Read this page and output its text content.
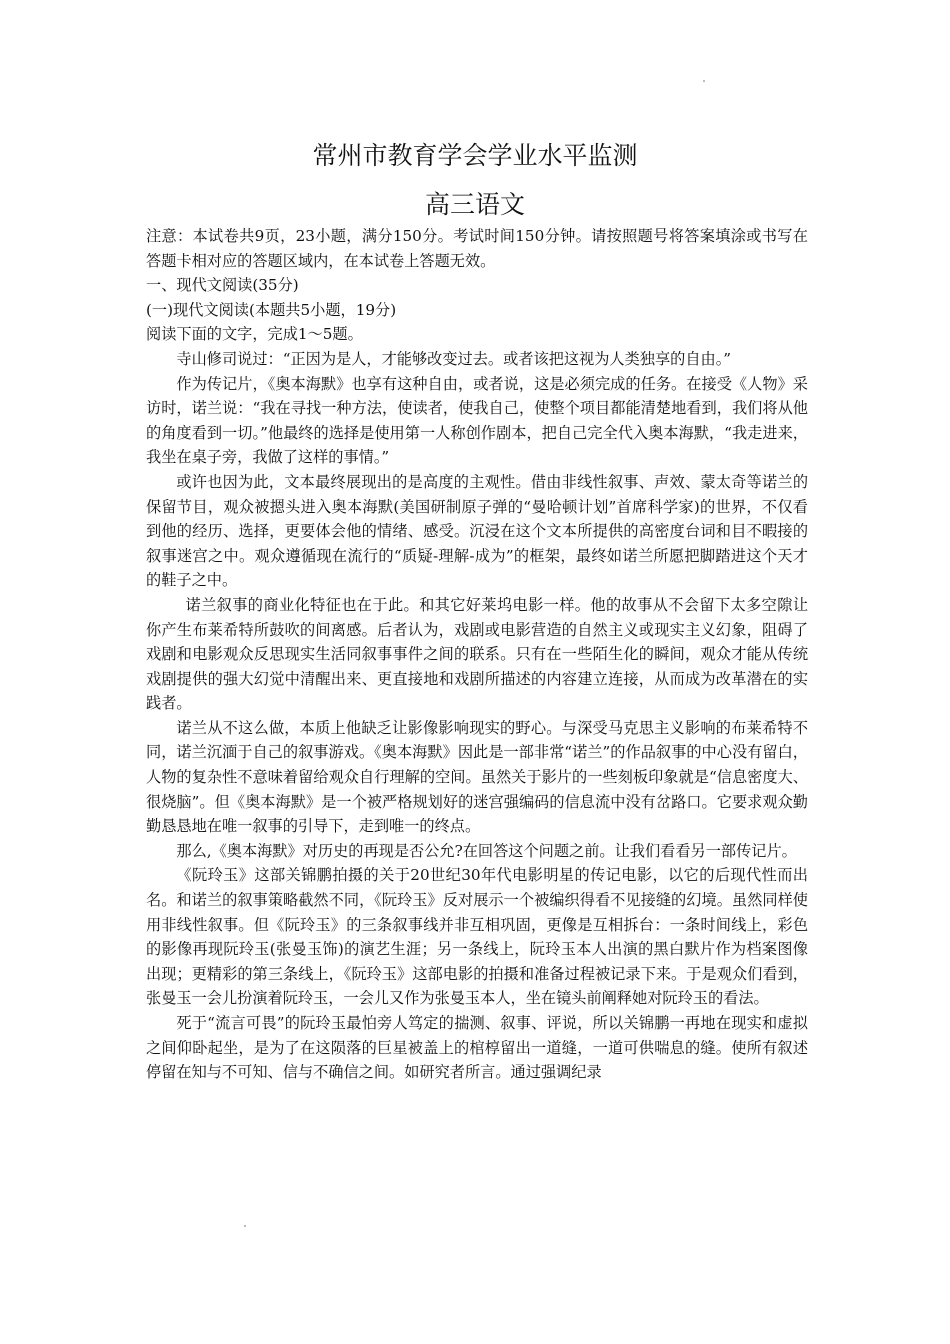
常州市教育学会学业水平监测
高三语文

注意：本试卷共9页，23小题，满分150分。考试时间150分钟。请按照题号将答案填涂或书写在答题卡相对应的答题区域内，在本试卷上答题无效。

一、现代文阅读(35分)

(一)现代文阅读(本题共5小题，19分)

阅读下面的文字，完成1～5题。

寺山修司说过：“正因为是人，才能够改变过去。或者该把这视为人类独享的自由。”

作为传记片，《奥本海默》也享有这种自由，或者说，这是必须完成的任务。在接受《人物》采访时，诺兰说：“我在寻找一种方法，使读者，使我自己，使整个项目都能清楚地看到，我们将从他的角度看到一切。”他最终的选择是使用第一人称创作剧本，把自己完全代入奥本海默，“我走进来，我坐在桌子旁，我做了这样的事情。”

或许也因为此，文本最终展现出的是高度的主观性。借由非线性叙事、声效、蒙太奇等诺兰的保留节目，观众被摁头进入奥本海默(美国研制原子弹的“曼哈顿计划”首席科学家)的世界，不仅看到他的经历、选择，更要体会他的情绪、感受。沉浸在这个文本所提供的高密度台词和目不暇接的叙事迷宫之中。观众遵循现在流行的“质疑-理解-成为”的框架，最终如诺兰所愿把脚踏进这个天才的鞋子之中。

诺兰叙事的商业化特征也在于此。和其它好莱坞电影一样。他的故事从不会留下太多空隙让你产生布莱希特所鼓吹的间离感。后者认为，戏剧或电影营造的自然主义或现实主义幻象，阻碍了戏剧和电影观众反思现实生活同叙事事件之间的联系。只有在一些陌生化的瞬间，观众才能从传统戏剧提供的强大幻觉中清醒出来、更直接地和戏剧所描述的内容建立连接，从而成为改革潜在的实践者。

诺兰从不这么做，本质上他缺乏让影像影响现实的野心。与深受马克思主义影响的布莱希特不同，诺兰沉湎于自己的叙事游戏。《奥本海默》因此是一部非常“诺兰”的作品叙事的中心没有留白，人物的复杂性不意味着留给观众自行理解的空间。虽然关于影片的一些刻板印象就是“信息密度大、很烧脑”。但《奥本海默》是一个被严格规划好的迷宫强编码的信息流中没有岔路口。它要求观众勤勤恳恳地在唯一叙事的引导下，走到唯一的终点。

那么,《奥本海默》对历史的再现是否公允?在回答这个问题之前。让我们看看另一部传记片。

《阮玲玉》这部关锦鹏拍摄的关于20世纪30年代电影明星的传记电影，以它的后现代性而出名。和诺兰的叙事策略截然不同，《阮玲玉》反对展示一个被编织得看不见接缝的幻境。虽然同样使用非线性叙事。但《阮玲玉》的三条叙事线并非互相巩固，更像是互相拆台：一条时间线上，彩色的影像再现阮玲玉(张曼玉饰)的演艺生涯；另一条线上，阮玲玉本人出演的黑白默片作为档案图像出现；更精彩的第三条线上，《阮玲玉》这部电影的拍摄和准备过程被记录下来。于是观众们看到，张曼玉一会儿扮演着阮玲玉，一会儿又作为张曼玉本人，坐在镜头前阐释她对阮玲玉的看法。

死于“流言可畏”的阮玲玉最怕旁人笃定的揣测、叙事、评说，所以关锦鹏一再地在现实和虚拟之间仰卧起坐，是为了在这陨落的巨星被盖上的棺椁留出一道缝，一道可供喘息的缝。使所有叙述停留在知与不可知、信与不确信之间。如研究者所言。通过强调纪录
